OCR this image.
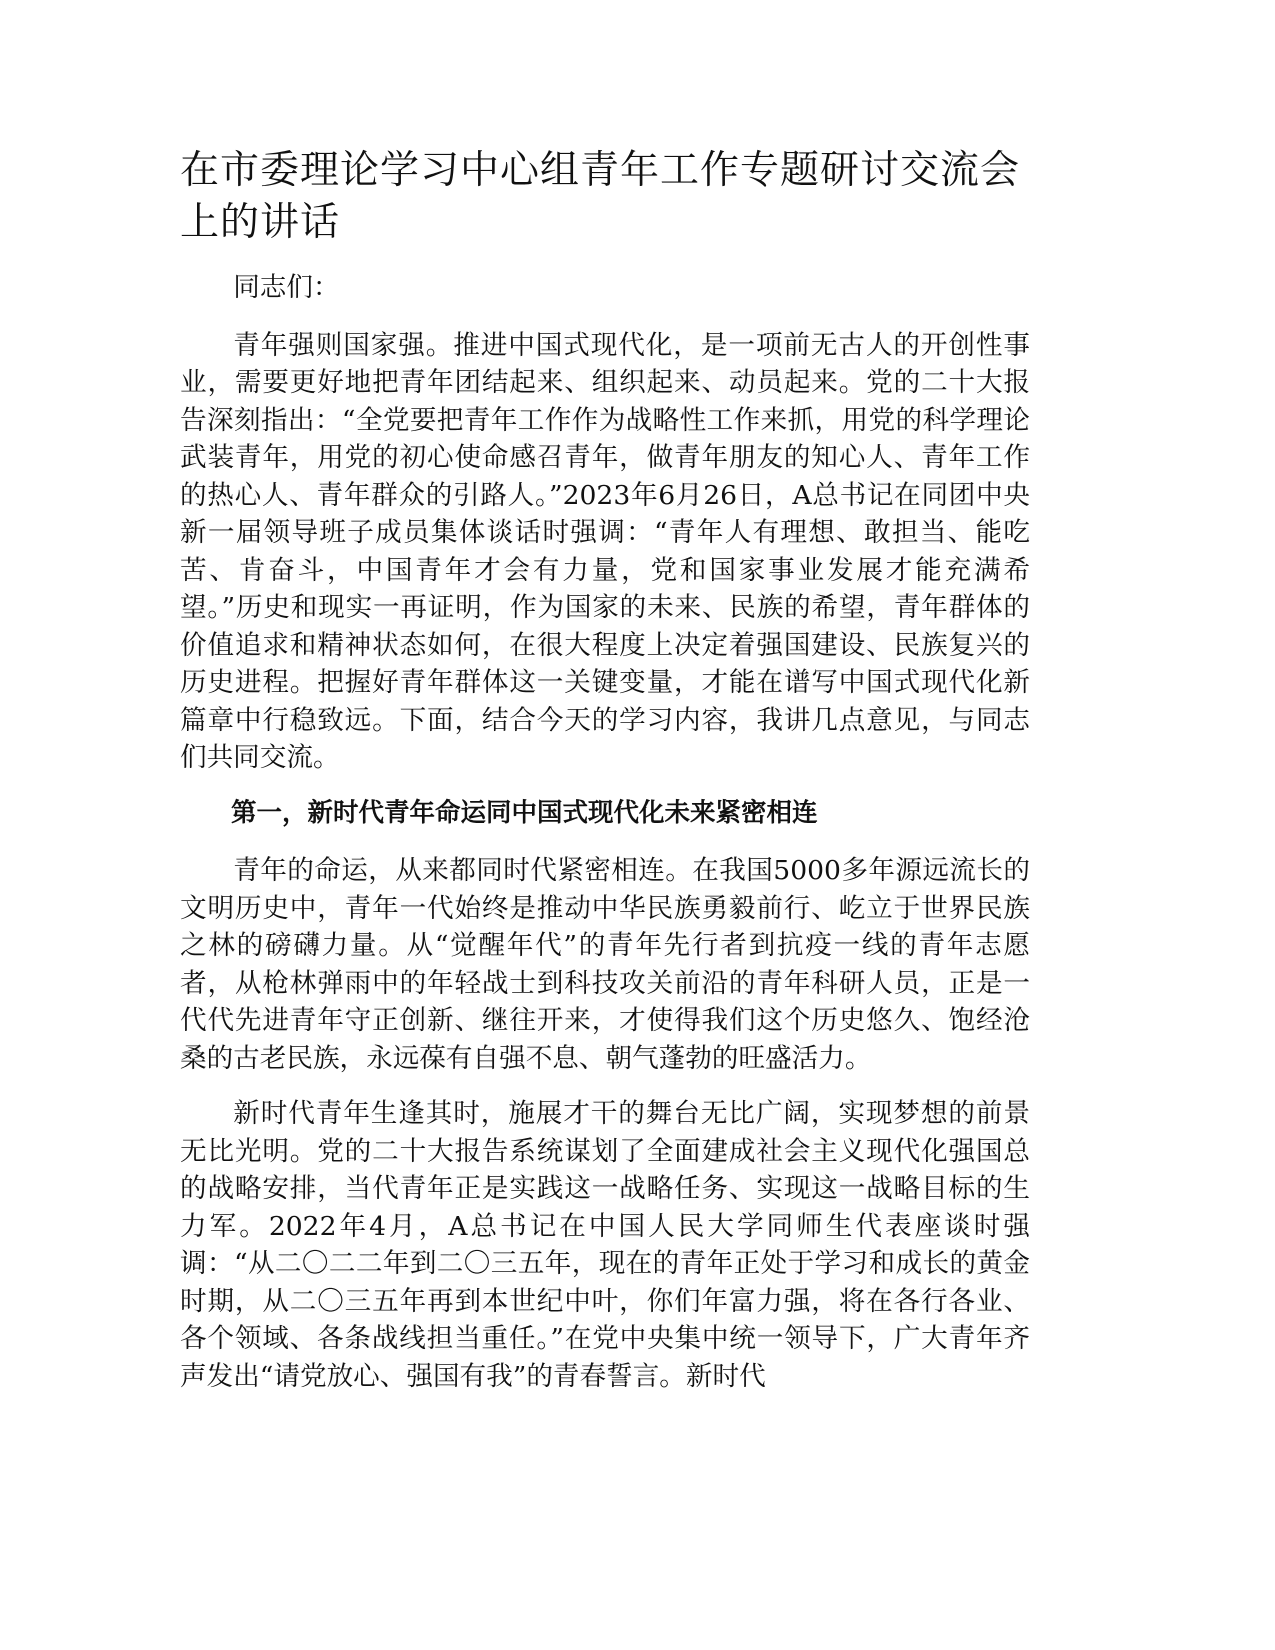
在市委理论学习中心组青年工作专题研讨交流会上的讲话

同志们：

青年强则国家强。推进中国式现代化，是一项前无古人的开创性事业，需要更好地把青年团结起来、组织起来、动员起来。党的二十大报告深刻指出：“全党要把青年工作作为战略性工作来抓，用党的科学理论武装青年，用党的初心使命感召青年，做青年朋友的知心人、青年工作的热心人、青年群众的引路人。”2023年6月26日，A总书记在同团中央新一届领导班子成员集体谈话时强调：“青年人有理想、敢担当、能吃苦、肯奋斗，中国青年才会有力量，党和国家事业发展才能充满希望。”历史和现实一再证明，作为国家的未来、民族的希望，青年群体的价值追求和精神状态如何，在很大程度上决定着强国建设、民族复兴的历史进程。把握好青年群体这一关键变量，才能在谱写中国式现代化新篇章中行稳致远。下面，结合今天的学习内容，我讲几点意见，与同志们共同交流。

第一，新时代青年命运同中国式现代化未来紧密相连

青年的命运，从来都同时代紧密相连。在我国5000多年源远流长的文明历史中，青年一代始终是推动中华民族勇毅前行、屹立于世界民族之林的磅礴力量。从“觉醒年代”的青年先行者到抗疫一线的青年志愿者，从枪林弹雨中的年轻战士到科技攻关前沿的青年科研人员，正是一代代先进青年守正创新、继往开来，才使得我们这个历史悠久、饱经沧桑的古老民族，永远葆有自强不息、朝气蓬勃的旺盛活力。

新时代青年生逢其时，施展才干的舞台无比广阔，实现梦想的前景无比光明。党的二十大报告系统谋划了全面建成社会主义现代化强国总的战略安排，当代青年正是实践这一战略任务、实现这一战略目标的生力军。2022年4月，A总书记在中国人民大学同师生代表座谈时强调：“从二〇二二年到二〇三五年，现在的青年正处于学习和成长的黄金时期，从二〇三五年再到本世纪中叶，你们年富力强，将在各行各业、各个领域、各条战线担当重任。”在党中央集中统一领导下，广大青年齐声发出“请党放心、强国有我”的青春誓言。新时代
